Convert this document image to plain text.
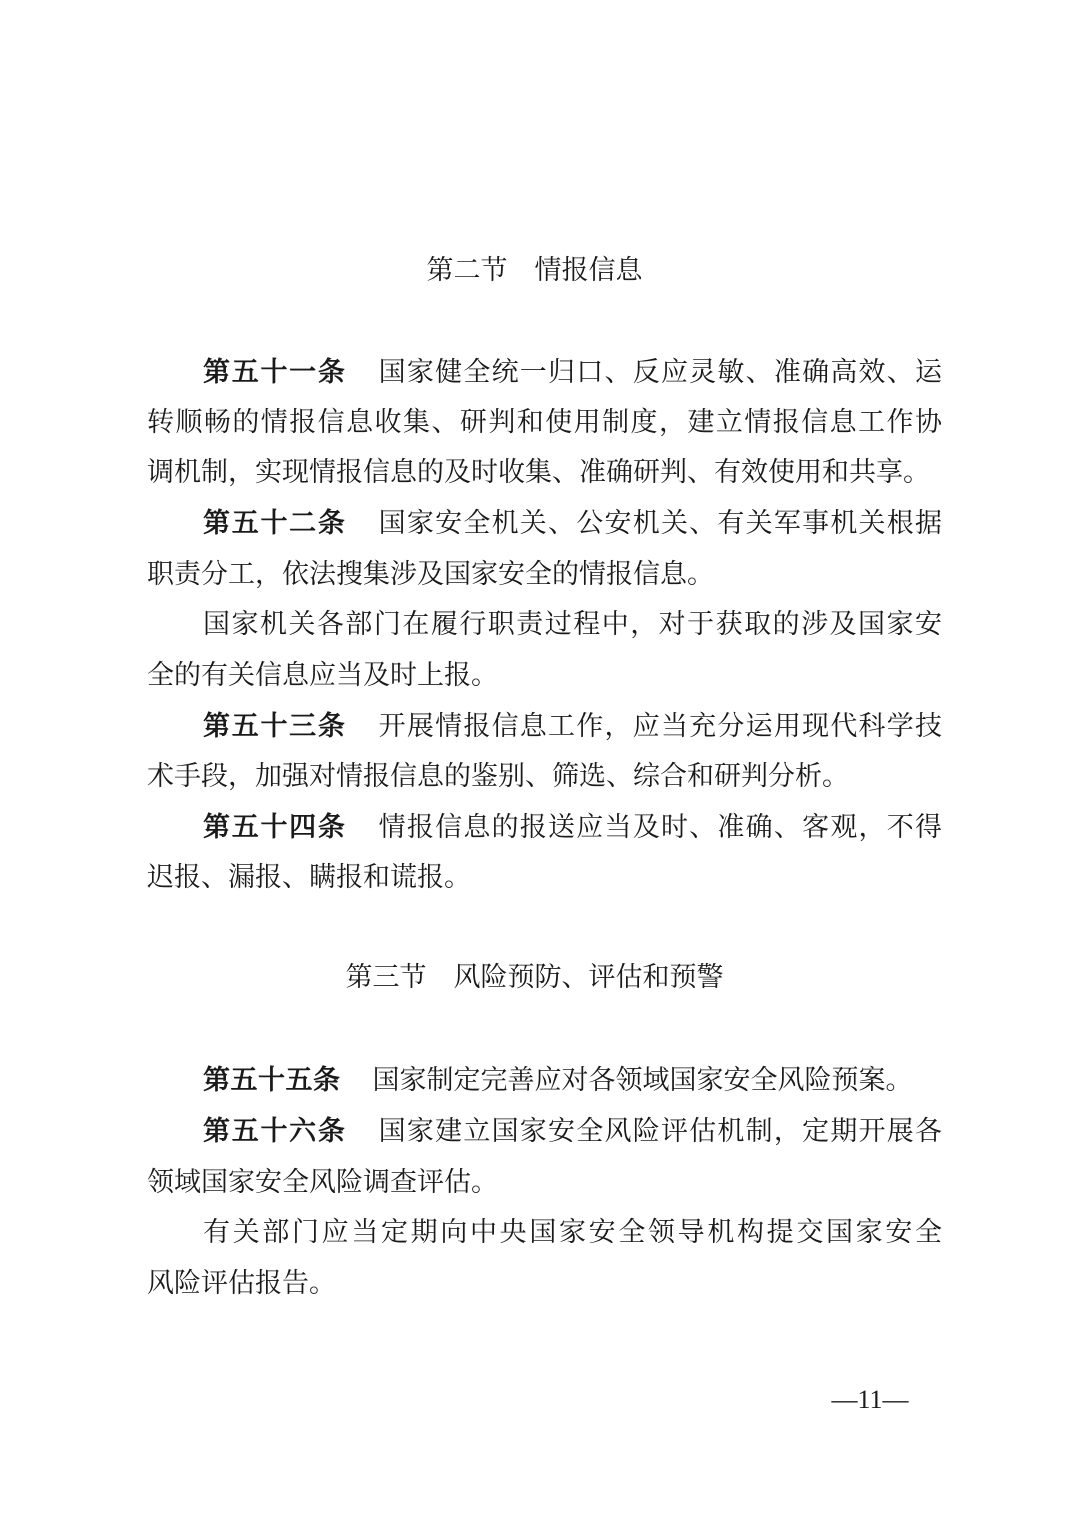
第二节　情报信息
第五十一条 国家健全统一归口、反应灵敏、准确高效、运
转顺畅的情报信息收集、研判和使用制度，建立情报信息工作协
调机制，实现情报信息的及时收集、准确研判、有效使用和共享。
第五十二条 国家安全机关、公安机关、有关军事机关根据
职责分工，依法搜集涉及国家安全的情报信息。
国家机关各部门在履行职责过程中，对于获取的涉及国家安
全的有关信息应当及时上报。
第五十三条 开展情报信息工作，应当充分运用现代科学技
术手段，加强对情报信息的鉴别、筛选、综合和研判分析。
第五十四条 情报信息的报送应当及时、准确、客观，不得
迟报、漏报、瞒报和谎报。
第三节　风险预防、评估和预警
第五十五条 国家制定完善应对各领域国家安全风险预案。
第五十六条 国家建立国家安全风险评估机制，定期开展各
领域国家安全风险调查评估。
有关部门应当定期向中央国家安全领导机构提交国家安全
风险评估报告。
—11—
